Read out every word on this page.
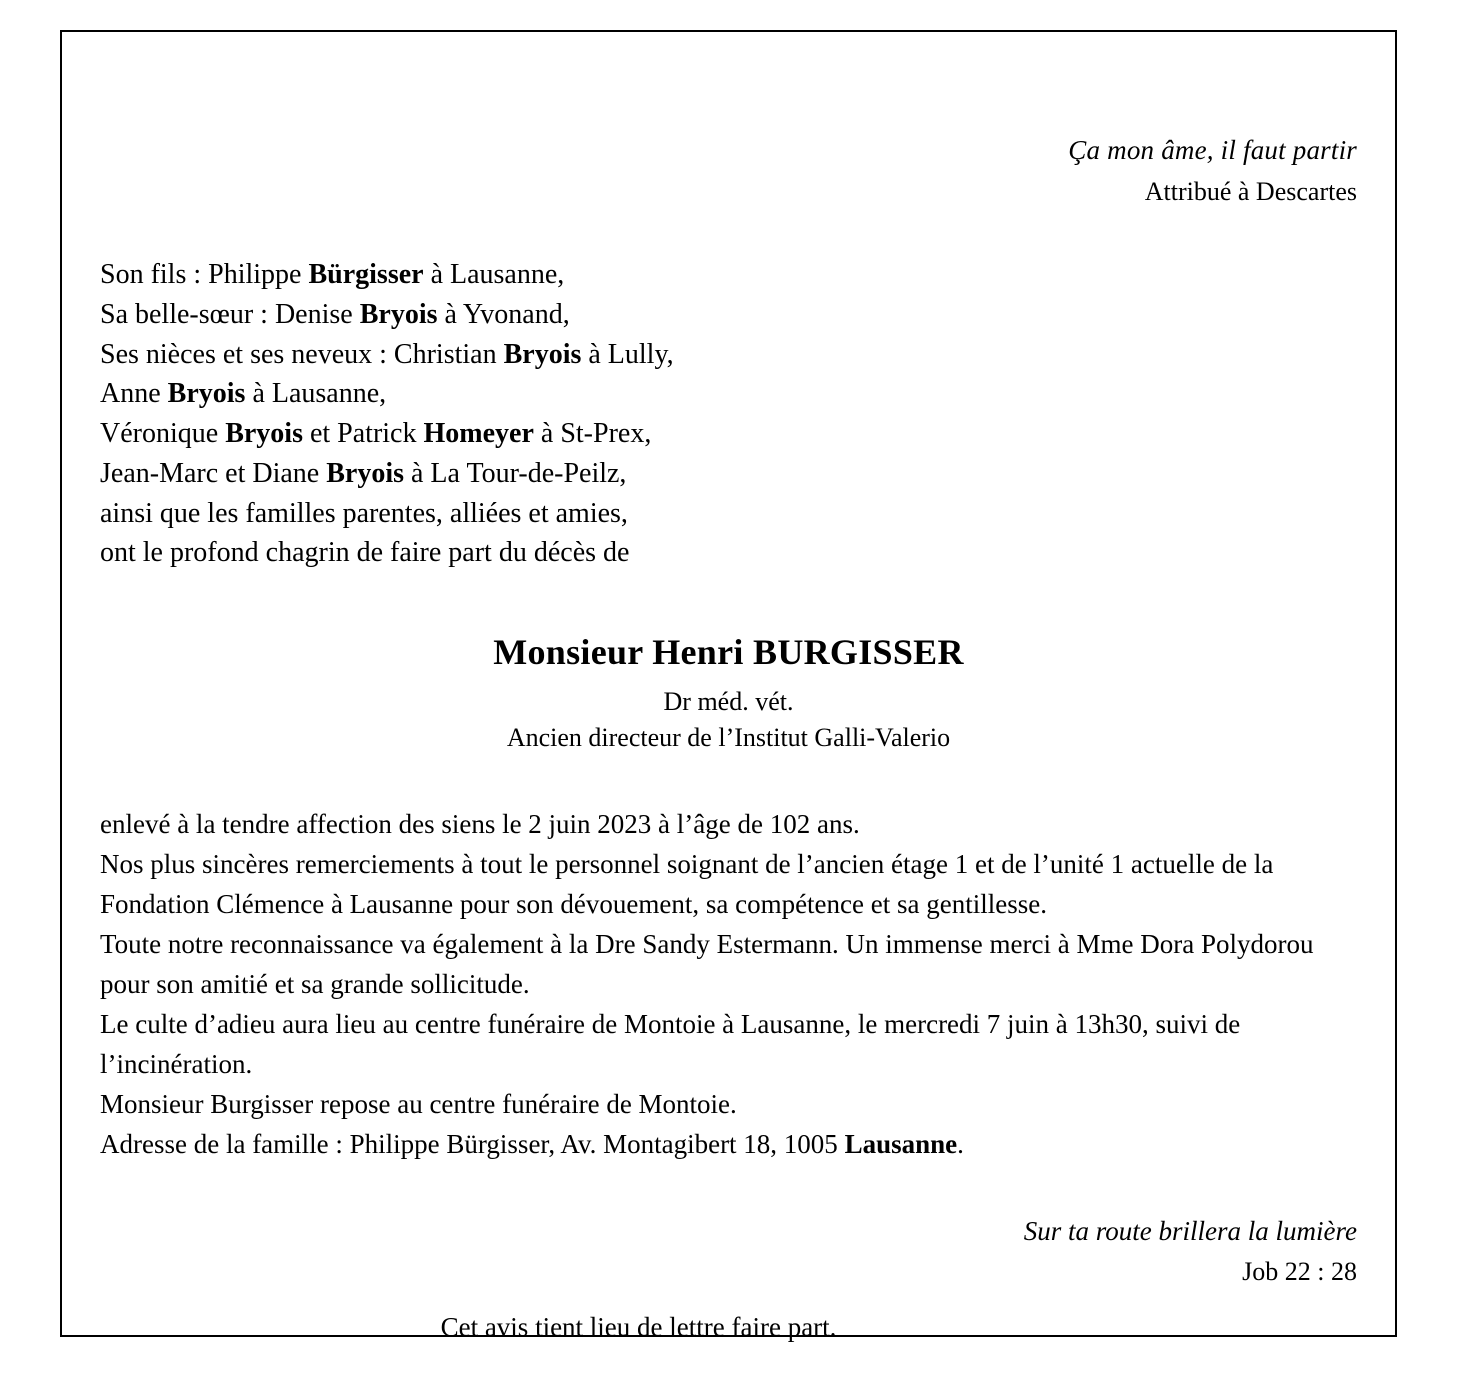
Ça mon âme, il faut partir
Attribué à Descartes
Son fils : Philippe Bürgisser à Lausanne,
Sa belle-sœur : Denise Bryois à Yvonand,
Ses nièces et ses neveux : Christian Bryois à Lully,
Anne Bryois à Lausanne,
Véronique Bryois et Patrick Homeyer à St-Prex,
Jean-Marc et Diane Bryois à La Tour-de-Peilz,
ainsi que les familles parentes, alliées et amies,
ont le profond chagrin de faire part du décès de
Monsieur Henri BURGISSER
Dr méd. vét.
Ancien directeur de l’Institut Galli-Valerio

enlevé à la tendre affection des siens le 2 juin 2023 à l’âge de 102 ans.

Nos plus sincères remerciements à tout le personnel soignant de l’ancien étage 1 et de l’unité 1 actuelle de la Fondation Clémence à Lausanne pour son dévouement, sa compétence et sa gentillesse.

Toute notre reconnaissance va également à la Dre Sandy Estermann. Un immense merci à Mme Dora Polydorou pour son amitié et sa grande sollicitude.

Le culte d’adieu aura lieu au centre funéraire de Montoie à Lausanne, le mercredi 7 juin à 13h30, suivi de l’incinération.

Monsieur Burgisser repose au centre funéraire de Montoie.

Adresse de la famille : Philippe Bürgisser, Av. Montagibert 18, 1005 Lausanne.

Sur ta route brillera la lumière
Job 22 : 28
Cet avis tient lieu de lettre faire part.
